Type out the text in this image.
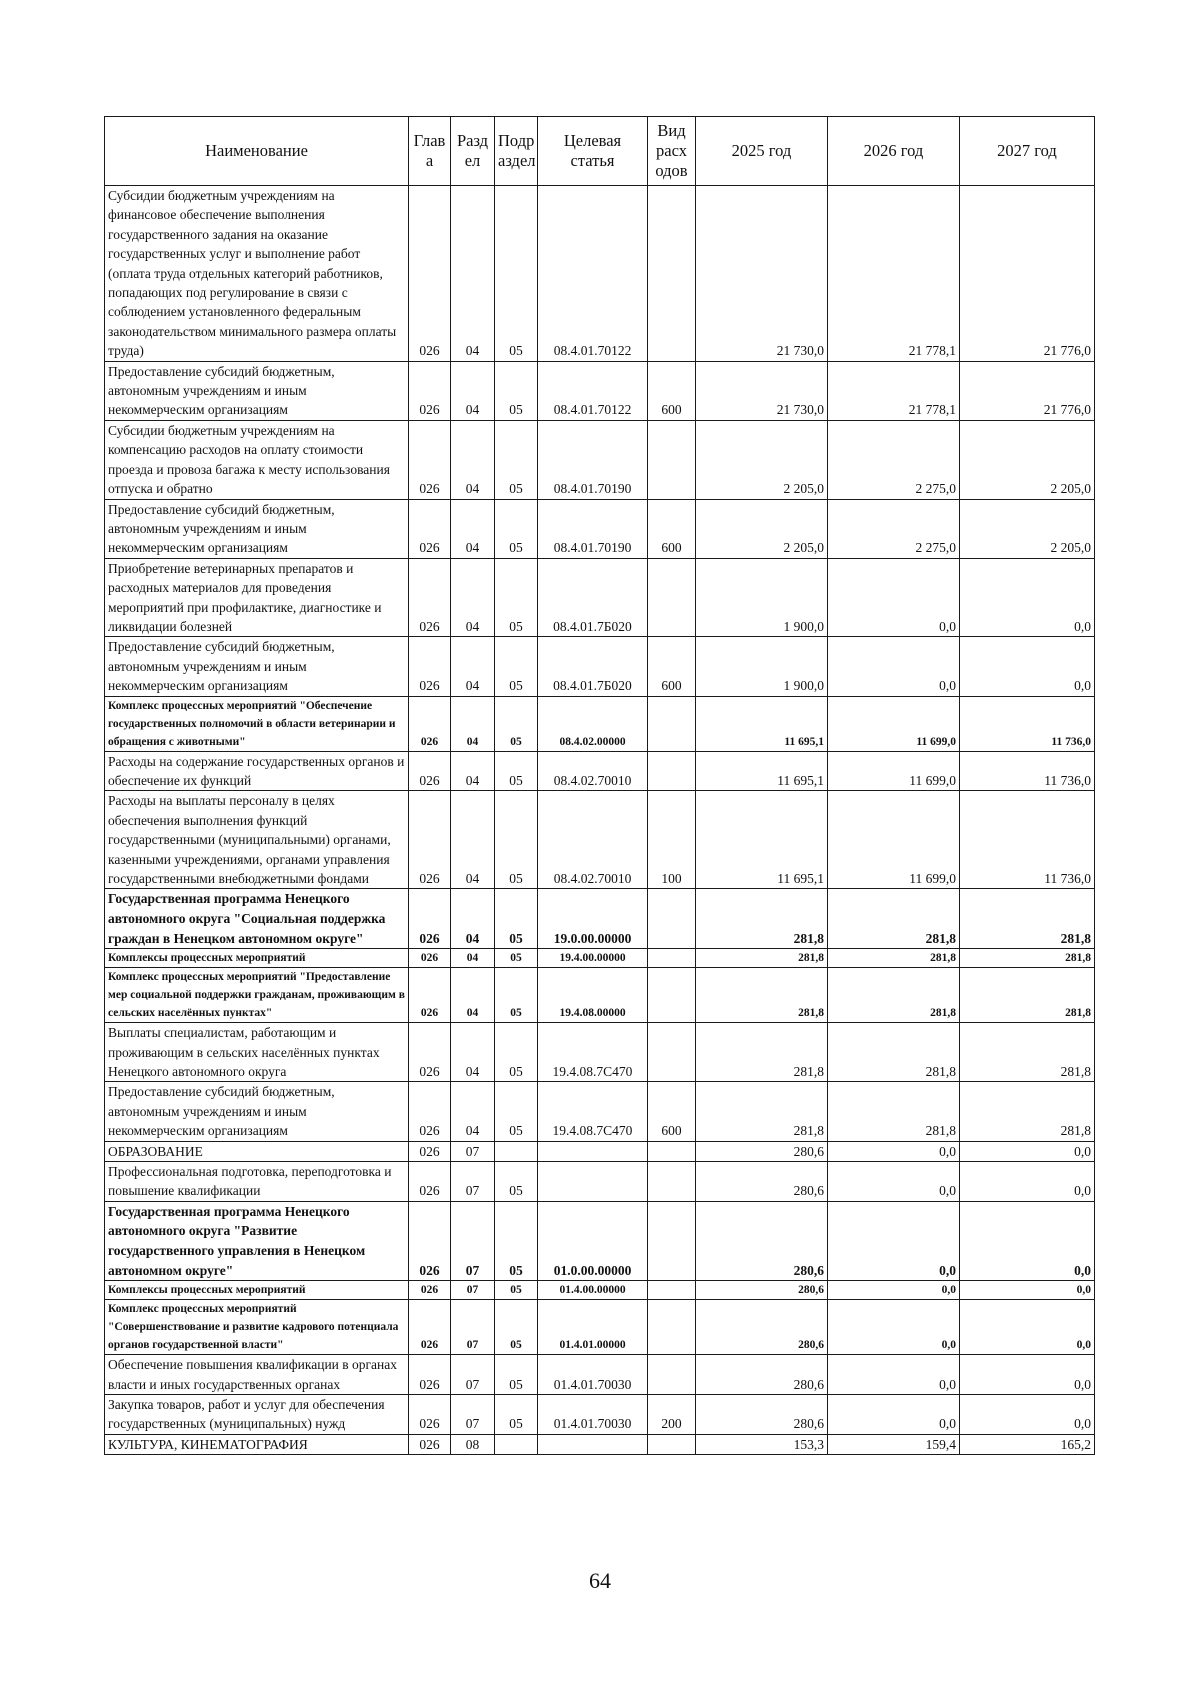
Наименование	Глав а	Разд ел	Подр аздел	Целевая статья	Вид расх одов	2025 год	2026 год	2027 год
Субсидии бюджетным учреждениям на финансовое обеспечение выполнения государственного задания на оказание государственных услуг и выполнение работ (оплата труда отдельных категорий работников, попадающих под регулирование в связи с соблюдением установленного федеральным законодательством минимального размера оплаты труда)	026	04	05	08.4.01.70122		21 730,0	21 778,1	21 776,0
Предоставление субсидий бюджетным, автономным учреждениям и иным некоммерческим организациям	026	04	05	08.4.01.70122	600	21 730,0	21 778,1	21 776,0
Субсидии бюджетным учреждениям на компенсацию расходов на оплату стоимости проезда и провоза багажа к месту использования отпуска и обратно	026	04	05	08.4.01.70190		2 205,0	2 275,0	2 205,0
Предоставление субсидий бюджетным, автономным учреждениям и иным некоммерческим организациям	026	04	05	08.4.01.70190	600	2 205,0	2 275,0	2 205,0
Приобретение ветеринарных препаратов и расходных материалов для проведения мероприятий при профилактике, диагностике и ликвидации болезней	026	04	05	08.4.01.7Б020		1 900,0	0,0	0,0
Предоставление субсидий бюджетным, автономным учреждениям и иным некоммерческим организациям	026	04	05	08.4.01.7Б020	600	1 900,0	0,0	0,0
Комплекс процессных мероприятий "Обеспечение государственных полномочий в области ветеринарии и обращения с животными"	026	04	05	08.4.02.00000		11 695,1	11 699,0	11 736,0
Расходы на содержание государственных органов и обеспечение их функций	026	04	05	08.4.02.70010		11 695,1	11 699,0	11 736,0
Расходы на выплаты персоналу в целях обеспечения выполнения функций государственными (муниципальными) органами, казенными учреждениями, органами управления государственными внебюджетными фондами	026	04	05	08.4.02.70010	100	11 695,1	11 699,0	11 736,0
Государственная программа Ненецкого автономного округа "Социальная поддержка граждан в Ненецком автономном округе"	026	04	05	19.0.00.00000		281,8	281,8	281,8
Комплексы процессных мероприятий	026	04	05	19.4.00.00000		281,8	281,8	281,8
Комплекс процессных мероприятий "Предоставление мер социальной поддержки гражданам, проживающим в сельских населённых пунктах"	026	04	05	19.4.08.00000		281,8	281,8	281,8
Выплаты специалистам, работающим и проживающим в сельских населённых пунктах Ненецкого автономного округа	026	04	05	19.4.08.7С470		281,8	281,8	281,8
Предоставление субсидий бюджетным, автономным учреждениям и иным некоммерческим организациям	026	04	05	19.4.08.7С470	600	281,8	281,8	281,8
ОБРАЗОВАНИЕ	026	07				280,6	0,0	0,0
Профессиональная подготовка, переподготовка и повышение квалификации	026	07	05			280,6	0,0	0,0
Государственная программа Ненецкого автономного округа "Развитие государственного управления в Ненецком автономном округе"	026	07	05	01.0.00.00000		280,6	0,0	0,0
Комплексы процессных мероприятий	026	07	05	01.4.00.00000		280,6	0,0	0,0
Комплекс процессных мероприятий "Совершенствование и развитие кадрового потенциала органов государственной власти"	026	07	05	01.4.01.00000		280,6	0,0	0,0
Обеспечение повышения квалификации в органах власти и иных государственных органах	026	07	05	01.4.01.70030		280,6	0,0	0,0
Закупка товаров, работ и услуг для обеспечения государственных (муниципальных) нужд	026	07	05	01.4.01.70030	200	280,6	0,0	0,0
КУЛЬТУРА, КИНЕМАТОГРАФИЯ	026	08				153,3	159,4	165,2
64
